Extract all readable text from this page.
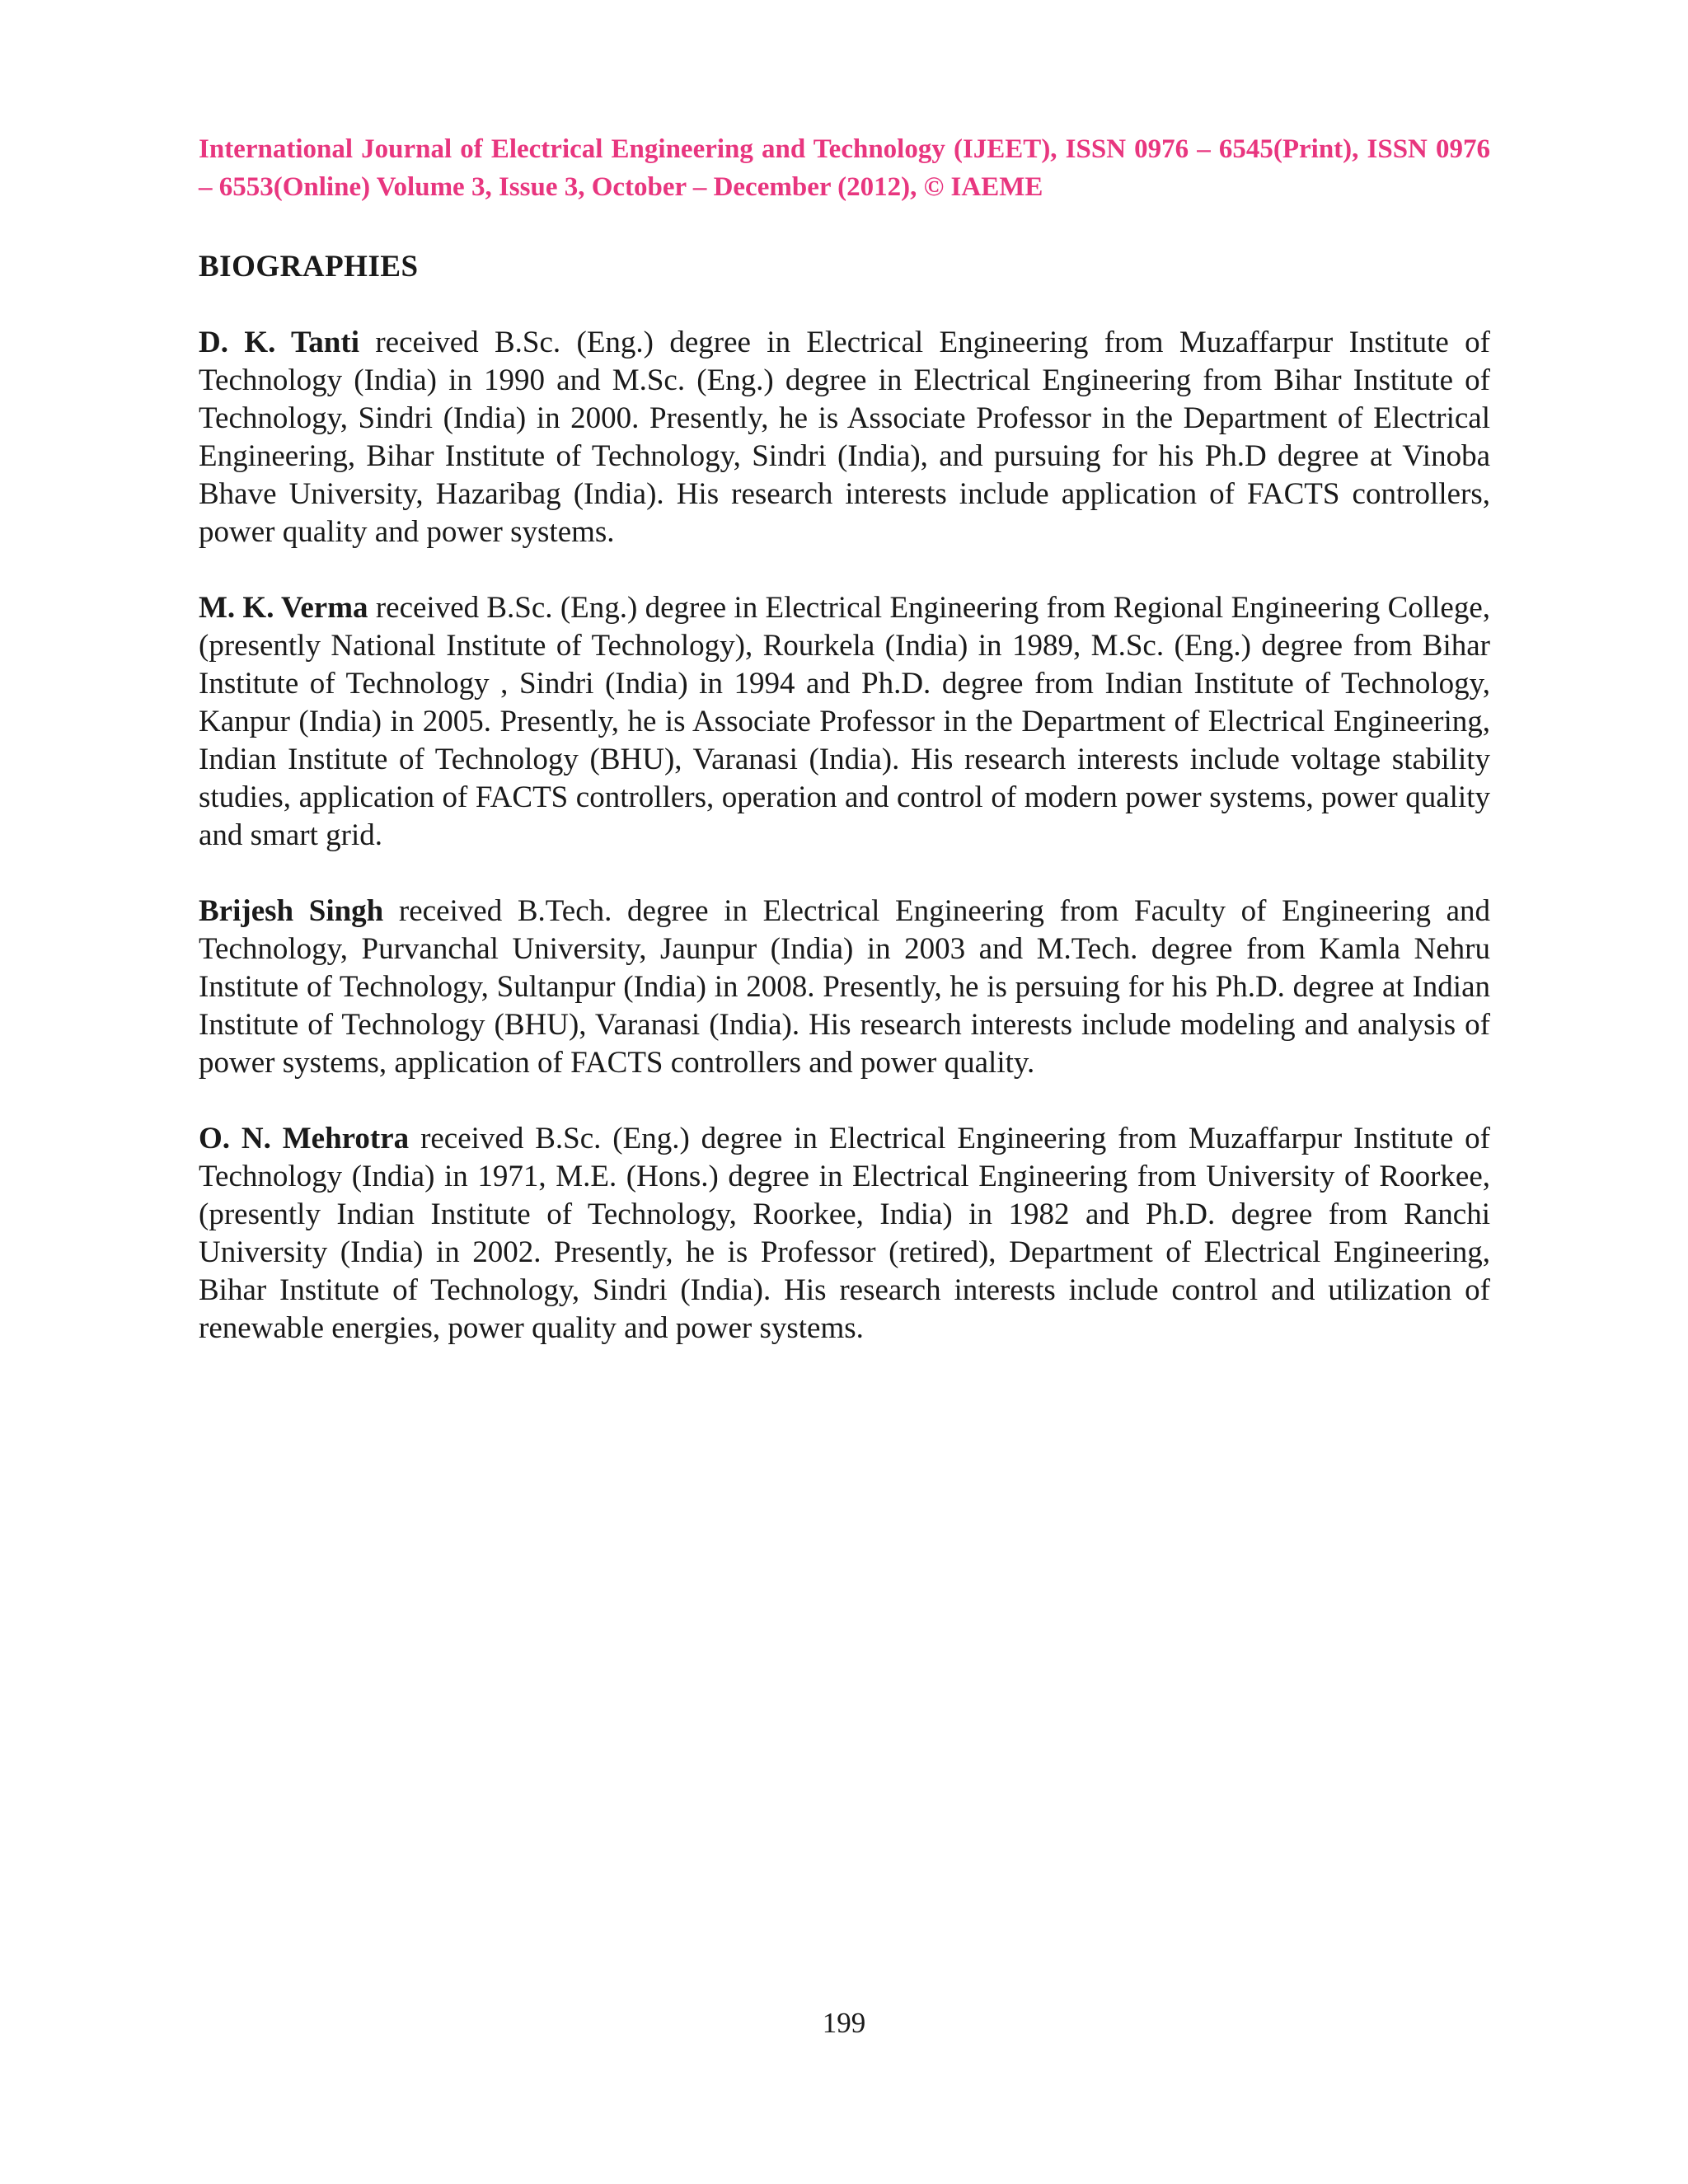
International Journal of Electrical Engineering and Technology (IJEET), ISSN 0976 – 6545(Print), ISSN 0976 – 6553(Online) Volume 3, Issue 3, October – December (2012), © IAEME

BIOGRAPHIES

D. K. Tanti received B.Sc. (Eng.) degree in Electrical Engineering from Muzaffarpur Institute of Technology (India) in 1990 and M.Sc. (Eng.) degree in Electrical Engineering from Bihar Institute of Technology, Sindri (India) in 2000. Presently, he is Associate Professor in the Department of Electrical Engineering, Bihar Institute of Technology, Sindri (India), and pursuing for his Ph.D degree at Vinoba Bhave University, Hazaribag (India). His research interests include application of FACTS controllers, power quality and power systems.

M. K. Verma received B.Sc. (Eng.) degree in Electrical Engineering from Regional Engineering College, (presently National Institute of Technology), Rourkela (India) in 1989, M.Sc. (Eng.) degree from Bihar Institute of Technology , Sindri (India) in 1994 and Ph.D. degree from Indian Institute of Technology, Kanpur (India) in 2005. Presently, he is Associate Professor in the Department of Electrical Engineering, Indian Institute of Technology (BHU), Varanasi (India). His research interests include voltage stability studies, application of FACTS controllers, operation and control of modern power systems, power quality and smart grid.

Brijesh Singh received B.Tech. degree in Electrical Engineering from Faculty of Engineering and Technology, Purvanchal University, Jaunpur (India) in 2003 and M.Tech. degree from Kamla Nehru Institute of Technology, Sultanpur (India) in 2008. Presently, he is persuing for his Ph.D. degree at Indian Institute of Technology (BHU), Varanasi (India). His research interests include modeling and analysis of power systems, application of FACTS controllers and power quality.

O. N. Mehrotra received B.Sc. (Eng.) degree in Electrical Engineering from Muzaffarpur Institute of Technology (India) in 1971, M.E. (Hons.) degree in Electrical Engineering from University of Roorkee, (presently Indian Institute of Technology, Roorkee, India) in 1982 and Ph.D. degree from Ranchi University (India) in 2002. Presently, he is Professor (retired), Department of Electrical Engineering, Bihar Institute of Technology, Sindri (India). His research interests include control and utilization of renewable energies, power quality and power systems.

199
